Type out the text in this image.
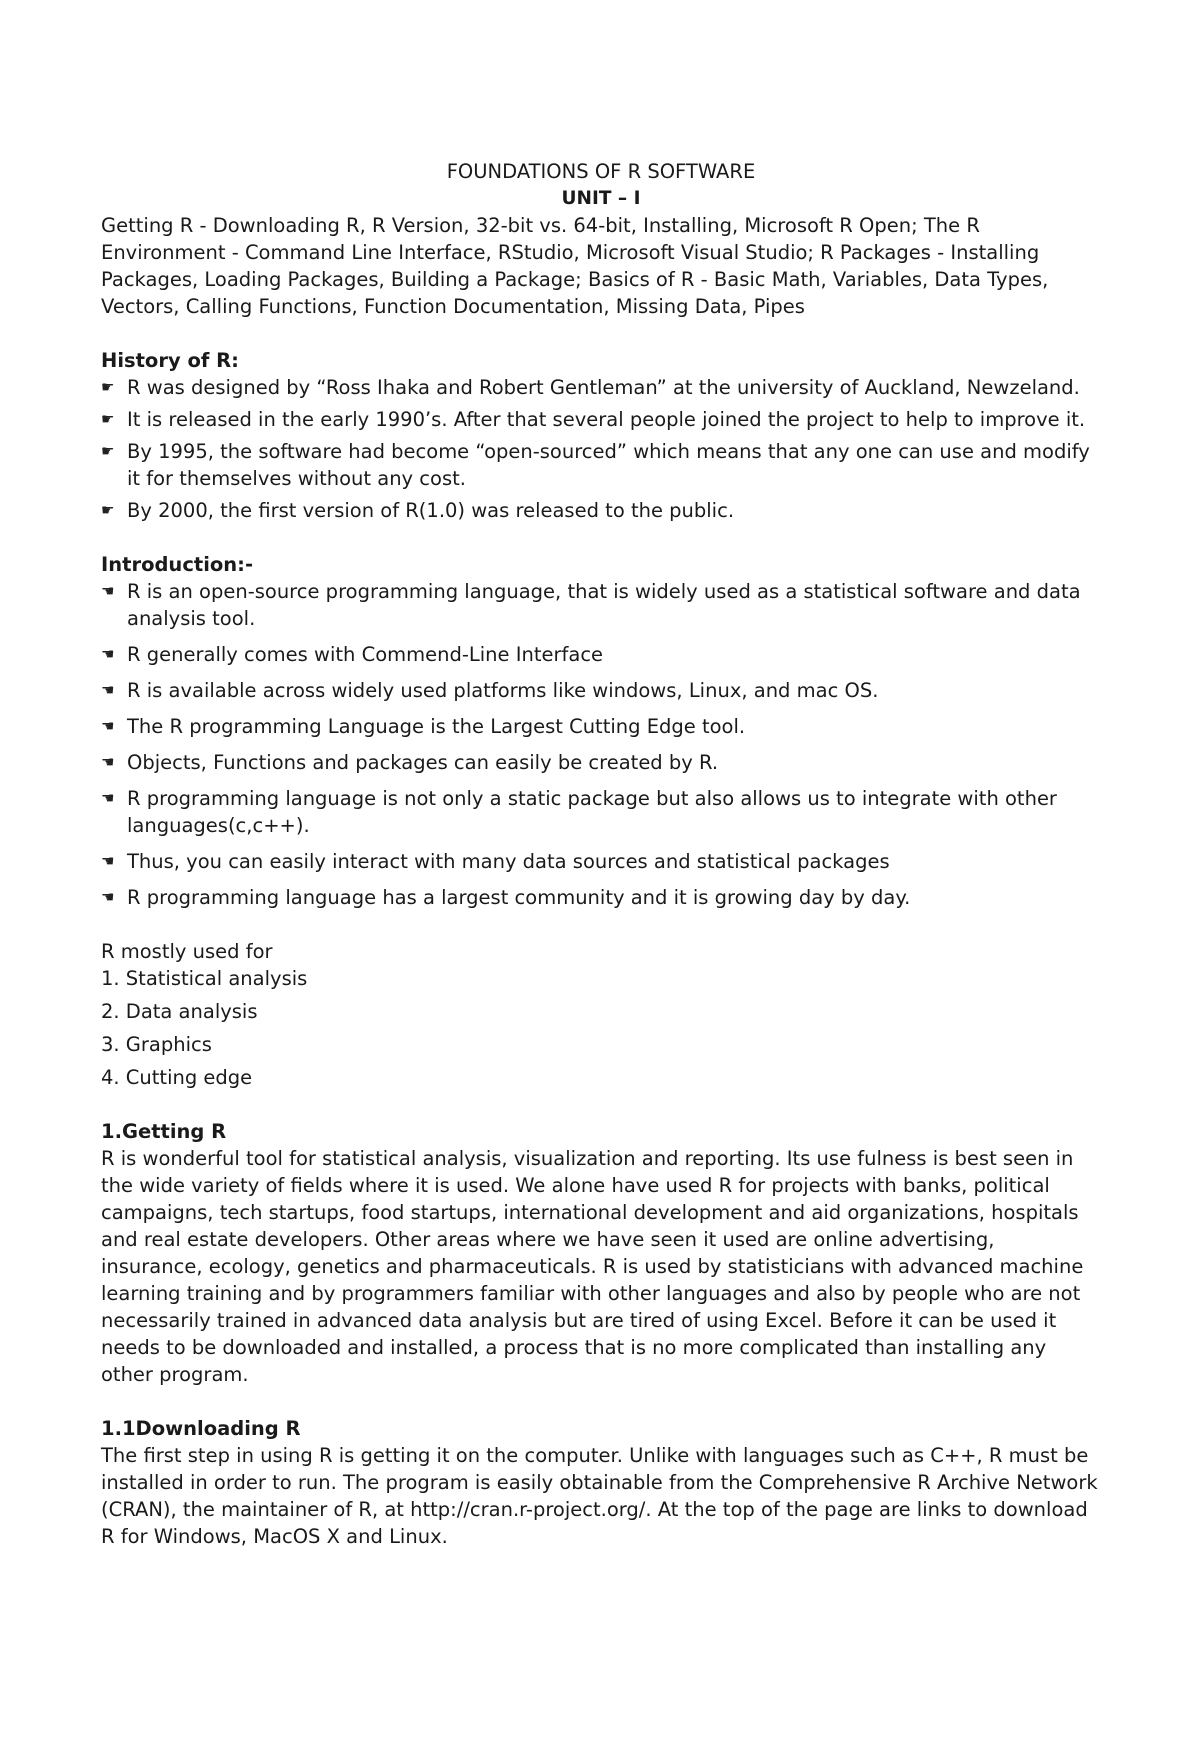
FOUNDATIONS OF R SOFTWARE

UNIT – I

Getting R - Downloading R, R Version, 32-bit vs. 64-bit, Installing, Microsoft R Open; The R Environment - Command Line Interface, RStudio, Microsoft Visual Studio; R Packages - Installing Packages, Loading Packages, Building a Package; Basics of R - Basic Math, Variables, Data Types, Vectors, Calling Functions, Function Documentation, Missing Data, Pipes

History of R:

☛ R was designed by “Ross Ihaka and Robert Gentleman” at the university of Auckland, Newzeland.
☛ It is released in the early 1990’s. After that several people joined the project to help to improve it.
☛ By 1995, the software had become “open-sourced” which means that any one can use and modify it for themselves without any cost.
☛ By 2000, the first version of R(1.0) was released to the public.

Introduction:-

☚ R is an open-source programming language, that is widely used as a statistical software and data analysis tool.
☚ R generally comes with Commend-Line Interface
☚ R is available across widely used platforms like windows, Linux, and mac OS.
☚ The R programming Language is the Largest Cutting Edge tool.
☚ Objects, Functions and packages can easily be created by R.
☚ R programming language is not only a static package but also allows us to integrate with other languages(c,c++).
☚ Thus, you can easily interact with many data sources and statistical packages
☚ R programming language has a largest community and it is growing day by day.

R mostly used for

1. Statistical analysis

2. Data analysis

3. Graphics

4. Cutting edge

1.Getting R

R is wonderful tool for statistical analysis, visualization and reporting. Its use fulness is best seen in the wide variety of fields where it is used. We alone have used R for projects with banks, political campaigns, tech startups, food startups, international development and aid organizations, hospitals and real estate developers. Other areas where we have seen it used are online advertising, insurance, ecology, genetics and pharmaceuticals. R is used by statisticians with advanced machine learning training and by programmers familiar with other languages and also by people who are not necessarily trained in advanced data analysis but are tired of using Excel. Before it can be used it needs to be downloaded and installed, a process that is no more complicated than installing any other program.

1.1Downloading R

The first step in using R is getting it on the computer. Unlike with languages such as C++, R must be installed in order to run. The program is easily obtainable from the Comprehensive R Archive Network (CRAN), the maintainer of R, at http://cran.r-project.org/. At the top of the page are links to download R for Windows, MacOS X and Linux.
